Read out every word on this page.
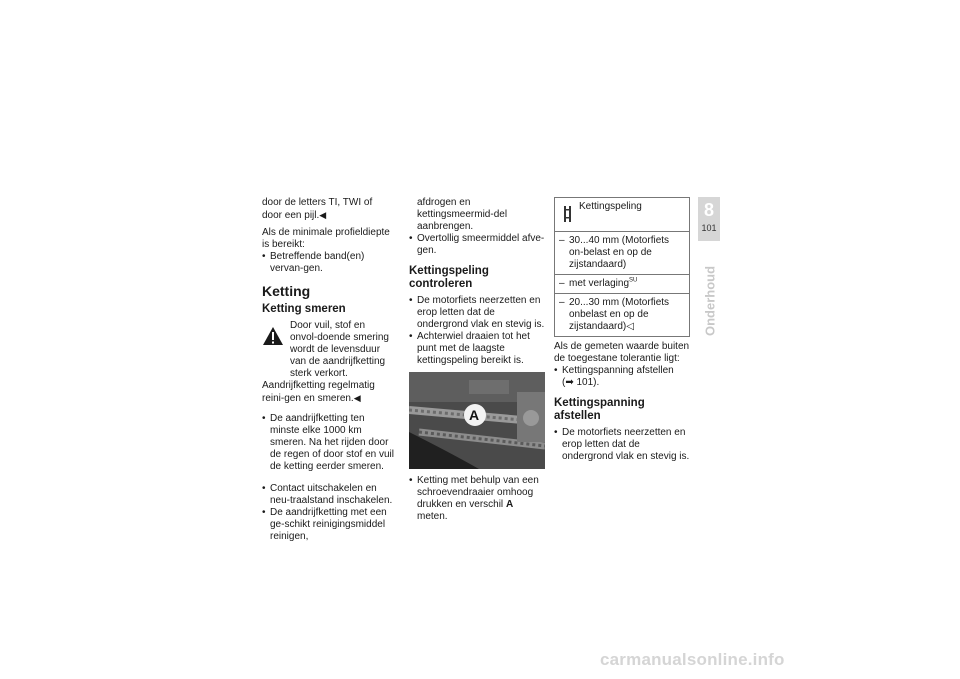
door de letters TI, TWI of door een pijl.◀

Als de minimale profieldiepte is bereikt:

• Betreffende band(en) vervan-gen.

Ketting
Ketting smeren
Door vuil, stof en onvol-doende smering wordt de levensduur van de aandrijfketting sterk verkort.

Aandrijfketting regelmatig reini-gen en smeren.◀

• De aandrijfketting ten minste elke 1000 km smeren. Na het rijden door de regen of door stof en vuil de ketting eerder smeren.

• Contact uitschakelen en neu-traalstand inschakelen.

• De aandrijfketting met een ge-schikt reinigingsmiddel reinigen,

afdrogen en kettingsmeermid-del aanbrengen.

• Overtollig smeermiddel afve-gen.

Kettingspeling controleren

• De motorfiets neerzetten en erop letten dat de ondergrond vlak en stevig is.

• Achterwiel draaien tot het punt met de laagste kettingspeling bereikt is.

A

• Ketting met behulp van een schroevendraaier omhoog drukken en verschil A meten.

Kettingspeling
– 30...40 mm (Motorfiets on-belast en op de zijstandaard)
– met verlaging$^{SU}$
– 20...30 mm (Motorfiets onbelast en op de zijstandaard)◁

Als de gemeten waarde buiten de toegestane tolerantie ligt:

• Kettingspanning afstellen
(➡ 101).

Kettingspanning afstellen

• De motorfiets neerzetten en erop letten dat de ondergrond vlak en stevig is.

8
101
Onderhoud
carmanualsonline.info
